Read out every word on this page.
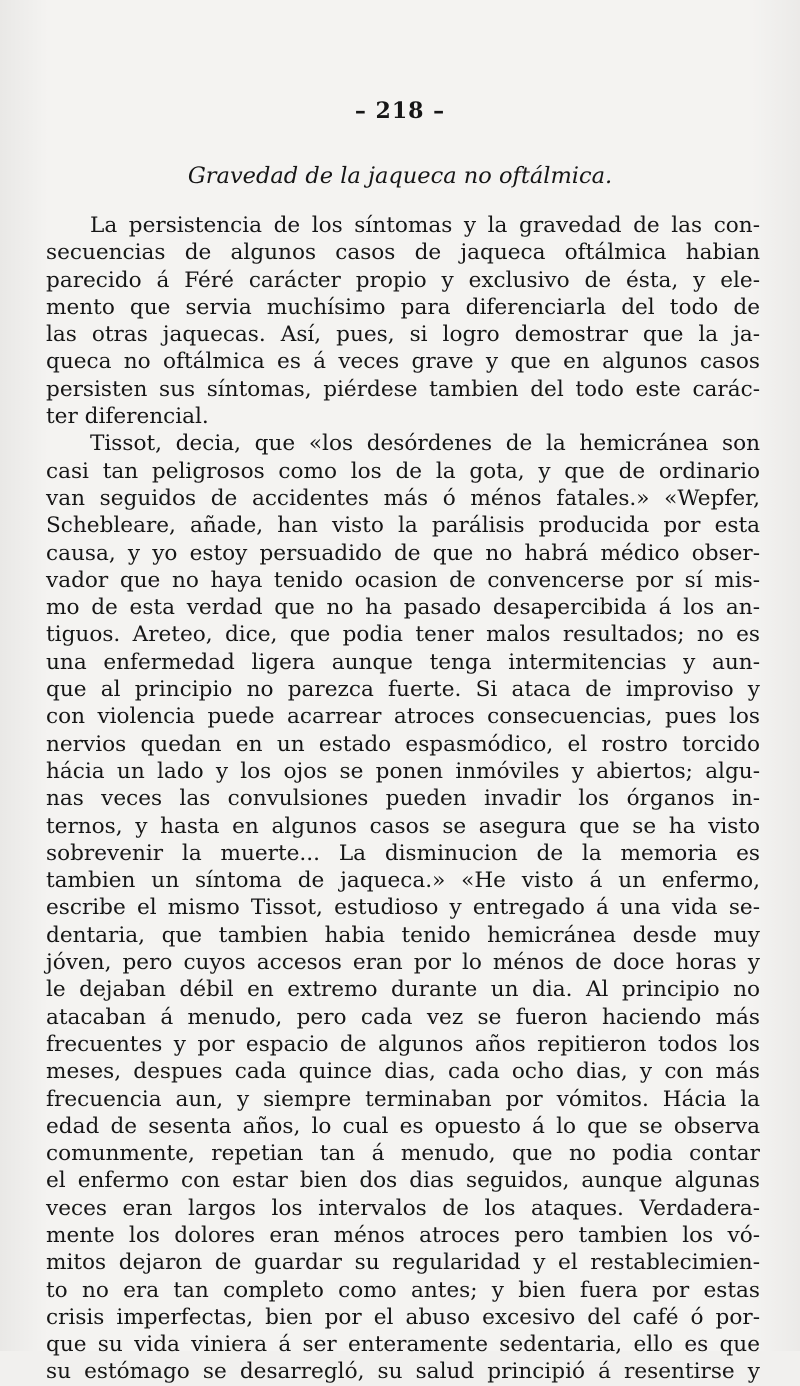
– 218 –
Gravedad de la jaqueca no oftálmica.
La persistencia de los síntomas y la gravedad de las con-
secuencias de algunos casos de jaqueca oftálmica habian
parecido á Féré carácter propio y exclusivo de ésta, y ele-
mento que servia muchísimo para diferenciarla del todo de
las otras jaquecas. Así, pues, si logro demostrar que la ja-
queca no oftálmica es á veces grave y que en algunos casos
persisten sus síntomas, piérdese tambien del todo este carác-
ter diferencial.
Tissot, decia, que «los desórdenes de la hemicránea son
casi tan peligrosos como los de la gota, y que de ordinario
van seguidos de accidentes más ó ménos fatales.» «Wepfer,
Schebleare, añade, han visto la parálisis producida por esta
causa, y yo estoy persuadido de que no habrá médico obser-
vador que no haya tenido ocasion de convencerse por sí mis-
mo de esta verdad que no ha pasado desapercibida á los an-
tiguos. Areteo, dice, que podia tener malos resultados; no es
una enfermedad ligera aunque tenga intermitencias y aun-
que al principio no parezca fuerte. Si ataca de improviso y
con violencia puede acarrear atroces consecuencias, pues los
nervios quedan en un estado espasmódico, el rostro torcido
hácia un lado y los ojos se ponen inmóviles y abiertos; algu-
nas veces las convulsiones pueden invadir los órganos in-
ternos, y hasta en algunos casos se asegura que se ha visto
sobrevenir la muerte... La disminucion de la memoria es
tambien un síntoma de jaqueca.» «He visto á un enfermo,
escribe el mismo Tissot, estudioso y entregado á una vida se-
dentaria, que tambien habia tenido hemicránea desde muy
jóven, pero cuyos accesos eran por lo ménos de doce horas y
le dejaban débil en extremo durante un dia. Al principio no
atacaban á menudo, pero cada vez se fueron haciendo más
frecuentes y por espacio de algunos años repitieron todos los
meses, despues cada quince dias, cada ocho dias, y con más
frecuencia aun, y siempre terminaban por vómitos. Hácia la
edad de sesenta años, lo cual es opuesto á lo que se observa
comunmente, repetian tan á menudo, que no podia contar
el enfermo con estar bien dos dias seguidos, aunque algunas
veces eran largos los intervalos de los ataques. Verdadera-
mente los dolores eran ménos atroces pero tambien los vó-
mitos dejaron de guardar su regularidad y el restablecimien-
to no era tan completo como antes; y bien fuera por estas
crisis imperfectas, bien por el abuso excesivo del café ó por-
que su vida viniera á ser enteramente sedentaria, ello es que
su estómago se desarregló, su salud principió á resentirse y
